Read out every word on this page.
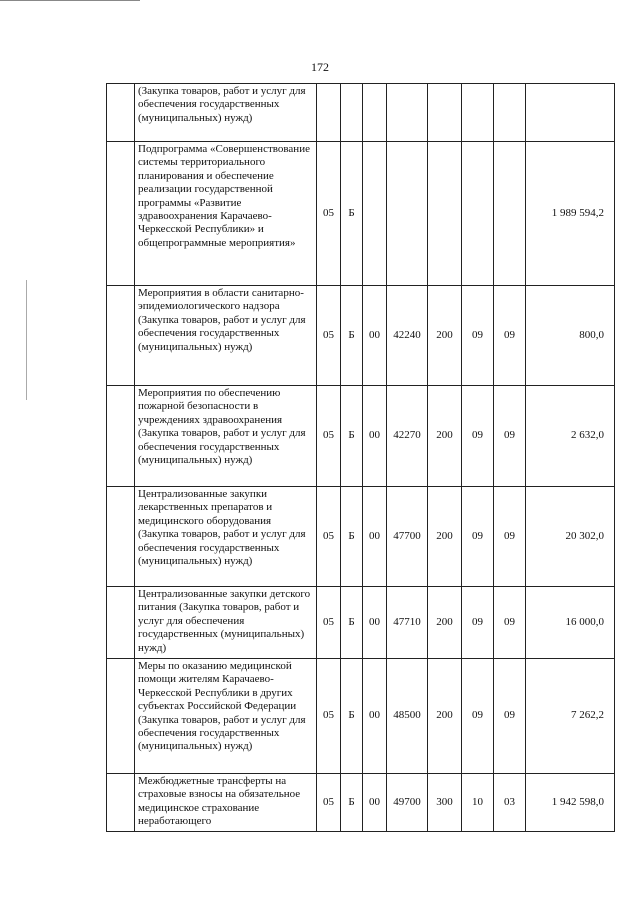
172
	(Закупка товаров, работ и услуг для обеспечения государственных (муниципальных) нужд)								
	Подпрограмма «Совершенствование системы территориального планирования и обеспечение реализации государственной программы «Развитие здравоохранения Карачаево-Черкесской Республики» и общепрограммные мероприятия»	05	Б						1 989 594,2
	Мероприятия в области санитарно-эпидемиологического надзора (Закупка товаров, работ и услуг для обеспечения государственных (муниципальных) нужд)	05	Б	00	42240	200	09	09	800,0
	Мероприятия по обеспечению пожарной безопасности в учреждениях здравоохранения (Закупка товаров, работ и услуг для обеспечения государственных (муниципальных) нужд)	05	Б	00	42270	200	09	09	2 632,0
	Централизованные закупки лекарственных препаратов и медицинского оборудования (Закупка товаров, работ и услуг для обеспечения государственных (муниципальных) нужд)	05	Б	00	47700	200	09	09	20 302,0
	Централизованные закупки детского питания (Закупка товаров, работ и услуг для обеспечения государственных (муниципальных) нужд)	05	Б	00	47710	200	09	09	16 000,0
	Меры по оказанию медицинской помощи жителям Карачаево-Черкесской Республики в других субъектах Российской Федерации (Закупка товаров, работ и услуг для обеспечения государственных (муниципальных) нужд)	05	Б	00	48500	200	09	09	7 262,2
	Межбюджетные трансферты на страховые взносы на обязательное медицинское страхование неработающего	05	Б	00	49700	300	10	03	1 942 598,0
